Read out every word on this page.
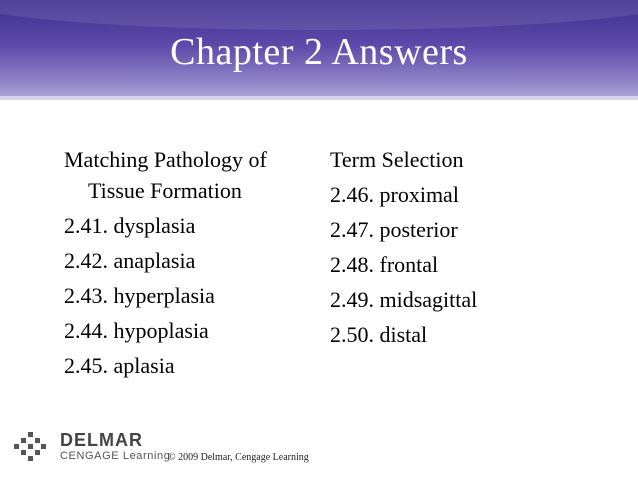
Chapter 2 Answers
Matching Pathology of
Tissue Formation
2.41. dysplasia
2.42. anaplasia
2.43. hyperplasia
2.44. hypoplasia
2.45. aplasia
Term Selection
2.46. proximal
2.47. posterior
2.48. frontal
2.49. midsagittal
2.50. distal
DELMAR
CENGAGE Learning
© 2009 Delmar, Cengage Learning
